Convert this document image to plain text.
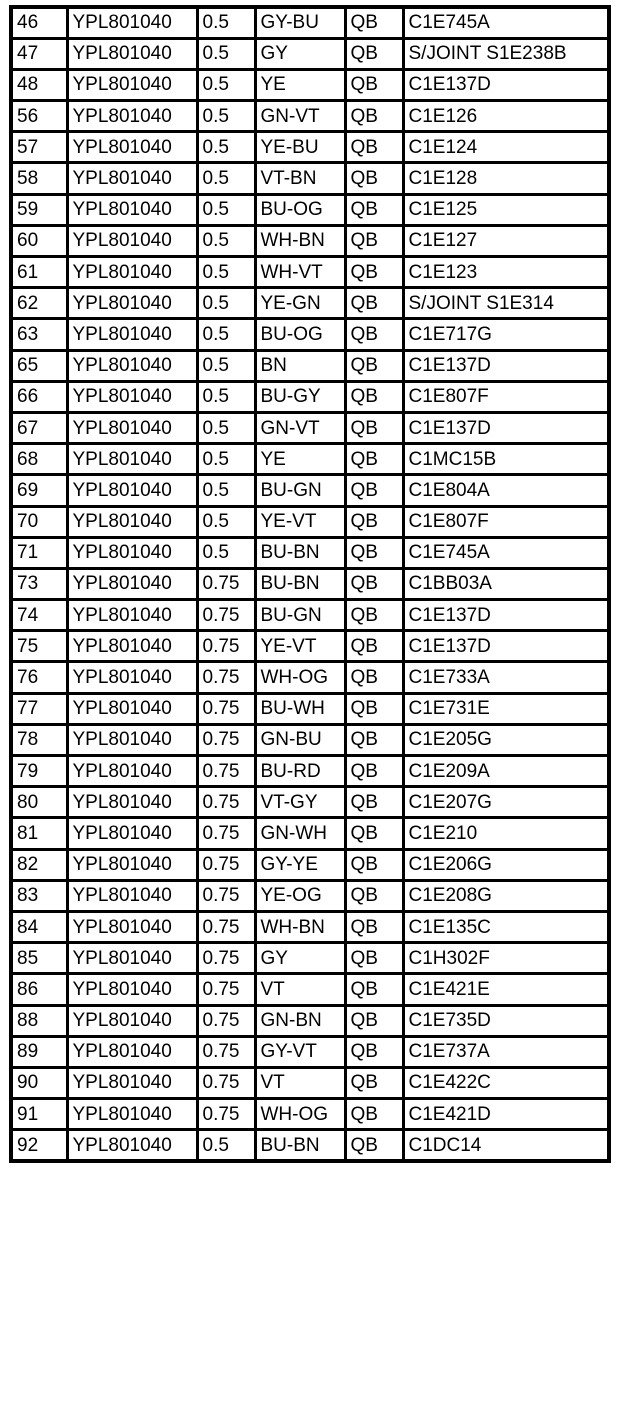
46	YPL801040	0.5	GY-BU	QB	C1E745A
47	YPL801040	0.5	GY	QB	S/JOINT S1E238B
48	YPL801040	0.5	YE	QB	C1E137D
56	YPL801040	0.5	GN-VT	QB	C1E126
57	YPL801040	0.5	YE-BU	QB	C1E124
58	YPL801040	0.5	VT-BN	QB	C1E128
59	YPL801040	0.5	BU-OG	QB	C1E125
60	YPL801040	0.5	WH-BN	QB	C1E127
61	YPL801040	0.5	WH-VT	QB	C1E123
62	YPL801040	0.5	YE-GN	QB	S/JOINT S1E314
63	YPL801040	0.5	BU-OG	QB	C1E717G
65	YPL801040	0.5	BN	QB	C1E137D
66	YPL801040	0.5	BU-GY	QB	C1E807F
67	YPL801040	0.5	GN-VT	QB	C1E137D
68	YPL801040	0.5	YE	QB	C1MC15B
69	YPL801040	0.5	BU-GN	QB	C1E804A
70	YPL801040	0.5	YE-VT	QB	C1E807F
71	YPL801040	0.5	BU-BN	QB	C1E745A
73	YPL801040	0.75	BU-BN	QB	C1BB03A
74	YPL801040	0.75	BU-GN	QB	C1E137D
75	YPL801040	0.75	YE-VT	QB	C1E137D
76	YPL801040	0.75	WH-OG	QB	C1E733A
77	YPL801040	0.75	BU-WH	QB	C1E731E
78	YPL801040	0.75	GN-BU	QB	C1E205G
79	YPL801040	0.75	BU-RD	QB	C1E209A
80	YPL801040	0.75	VT-GY	QB	C1E207G
81	YPL801040	0.75	GN-WH	QB	C1E210
82	YPL801040	0.75	GY-YE	QB	C1E206G
83	YPL801040	0.75	YE-OG	QB	C1E208G
84	YPL801040	0.75	WH-BN	QB	C1E135C
85	YPL801040	0.75	GY	QB	C1H302F
86	YPL801040	0.75	VT	QB	C1E421E
88	YPL801040	0.75	GN-BN	QB	C1E735D
89	YPL801040	0.75	GY-VT	QB	C1E737A
90	YPL801040	0.75	VT	QB	C1E422C
91	YPL801040	0.75	WH-OG	QB	C1E421D
92	YPL801040	0.5	BU-BN	QB	C1DC14
